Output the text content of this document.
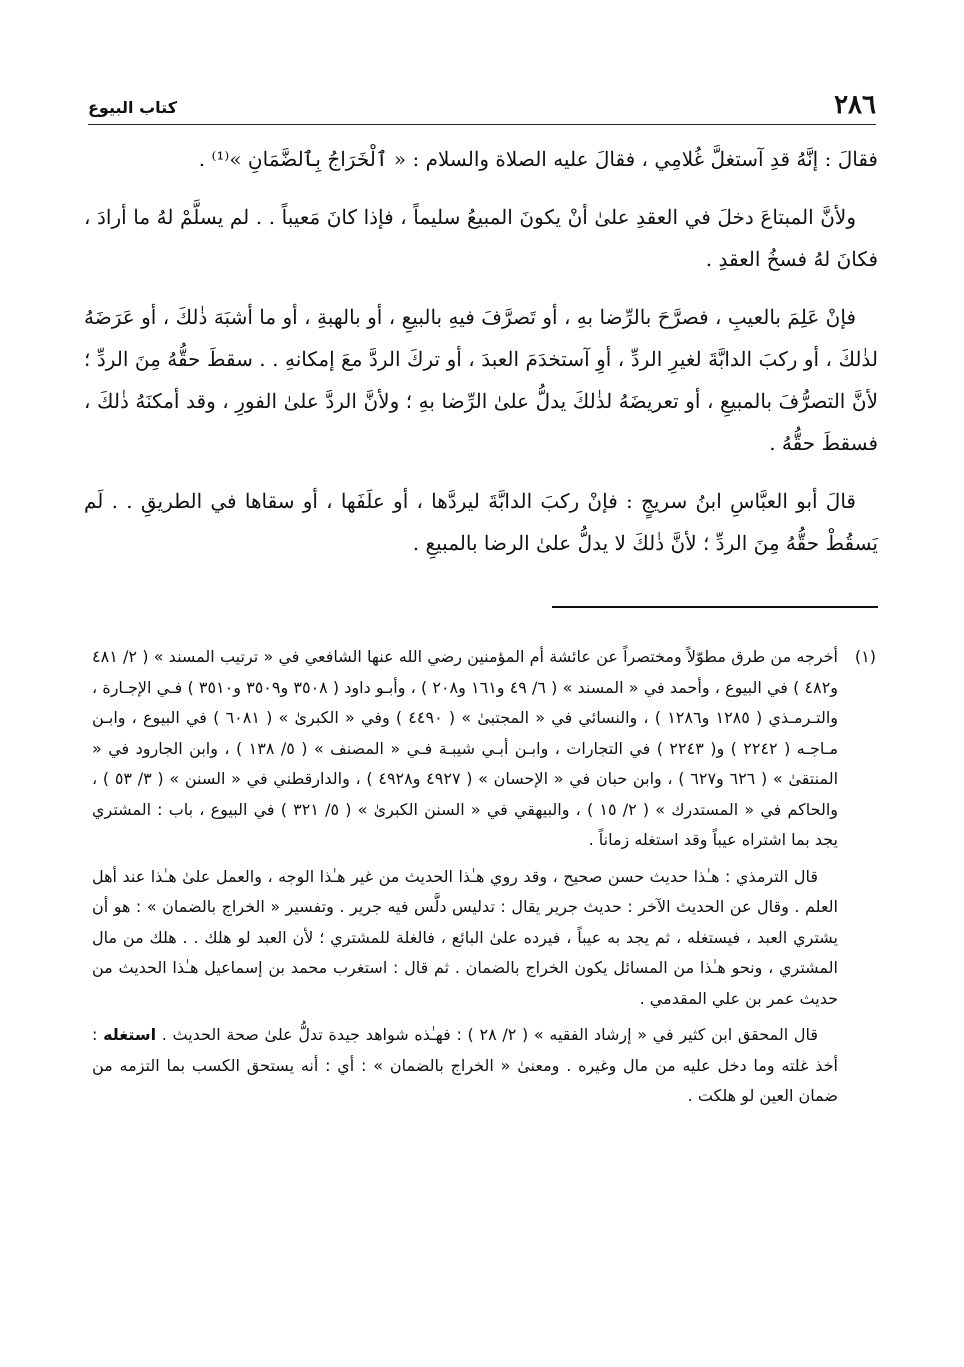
٢٨٦
كتاب البيوع

فقالَ : إنَّهُ قدِ آستغلَّ غُلامِي ، فقالَ عليه الصلاة والسلام : « ٱلْخَرَاجُ بِٱلضَّمَانِ »⁽¹⁾ .

ولأنَّ المبتاعَ دخلَ في العقدِ علىٰ أنْ يكونَ المبيعُ سليماً ، فإذا كانَ مَعيباً . . لم يسلَّمْ لهُ ما أرادَ ، فكانَ لهُ فسخُ العقدِ .

فإنْ عَلِمَ بالعيبِ ، فصرَّحَ بالرِّضا بهِ ، أو تَصرَّفَ فيهِ بالبيعِ ، أو بالهبةِ ، أو ما أشبَهَ ذٰلكَ ، أو عَرَضَهُ لذٰلكَ ، أو ركبَ الدابَّةَ لغيرِ الردِّ ، أوِ آستخدَمَ العبدَ ، أو تركَ الردَّ معَ إمكانهِ . . سقطَ حقُّهُ مِنَ الردِّ ؛ لأنَّ التصرُّفَ بالمبيعِ ، أو تعريضَهُ لذٰلكَ يدلُّ علىٰ الرِّضا بهِ ؛ ولأنَّ الردَّ علىٰ الفورِ ، وقد أمكنَهُ ذٰلكَ ، فسقطَ حقُّهُ .

قالَ أبو العبَّاسِ ابنُ سريجٍ : فإنْ ركبَ الدابَّةَ ليردَّها ، أو علَفَها ، أو سقاها في الطريقِ . . لَم يَسقُطْ حقُّهُ مِنَ الردِّ ؛ لأنَّ ذٰلكَ لا يدلُّ علىٰ الرضا بالمبيعِ .

(١)

أخرجه من طرق مطوّلاً ومختصراً عن عائشة أم المؤمنين رضي الله عنها الشافعي في « ترتيب المسند » ( ٢/ ٤٨١ و٤٨٢ ) في البيوع ، وأحمد في « المسند » ( ٦/ ٤٩ و١٦١ و٢٠٨ ) ، وأبـو داود ( ٣٥٠٨ و٣٥٠٩ و٣٥١٠ ) فـي الإجـارة ، والتـرمـذي ( ١٢٨٥ و١٢٨٦ ) ، والنسائي في « المجتبىٰ » ( ٤٤٩٠ ) وفي « الكبرىٰ » ( ٦٠٨١ ) في البيوع ، وابـن مـاجـه ( ٢٢٤٢ ) و( ٢٢٤٣ ) في التجارات ، وابـن أبـي شيبـة فـي « المصنف » ( ٥/ ١٣٨ ) ، وابن الجارود في « المنتقىٰ » ( ٦٢٦ و٦٢٧ ) ، وابن حبان في « الإحسان » ( ٤٩٢٧ و٤٩٢٨ ) ، والدارقطني في « السنن » ( ٣/ ٥٣ ) ، والحاكم في « المستدرك » ( ٢/ ١٥ ) ، والبيهقي في « السنن الكبرىٰ » ( ٥/ ٣٢١ ) في البيوع ، باب : المشتري يجد بما اشتراه عيباً وقد استغله زماناً .

قال الترمذي : هـٰذا حديث حسن صحيح ، وقد روي هـٰذا الحديث من غير هـٰذا الوجه ، والعمل علىٰ هـٰذا عند أهل العلم . وقال عن الحديث الآخر : حديث جرير يقال : تدليس دلَّس فيه جرير . وتفسير « الخراج بالضمان » : هو أن يشتري العبد ، فيستغله ، ثم يجد به عيباً ، فيرده علىٰ البائع ، فالغلة للمشتري ؛ لأن العبد لو هلك . . هلك من مال المشتري ، ونحو هـٰذا من المسائل يكون الخراج بالضمان . ثم قال : استغرب محمد بن إسماعيل هـٰذا الحديث من حديث عمر بن علي المقدمي .

قال المحقق ابن كثير في « إرشاد الفقيه » ( ٢/ ٢٨ ) : فهـٰذه شواهد جيدة تدلُّ علىٰ صحة الحديث . استغله : أخذ غلته وما دخل عليه من مال وغيره . ومعنىٰ « الخراج بالضمان » : أي : أنه يستحق الكسب بما التزمه من ضمان العين لو هلكت .
